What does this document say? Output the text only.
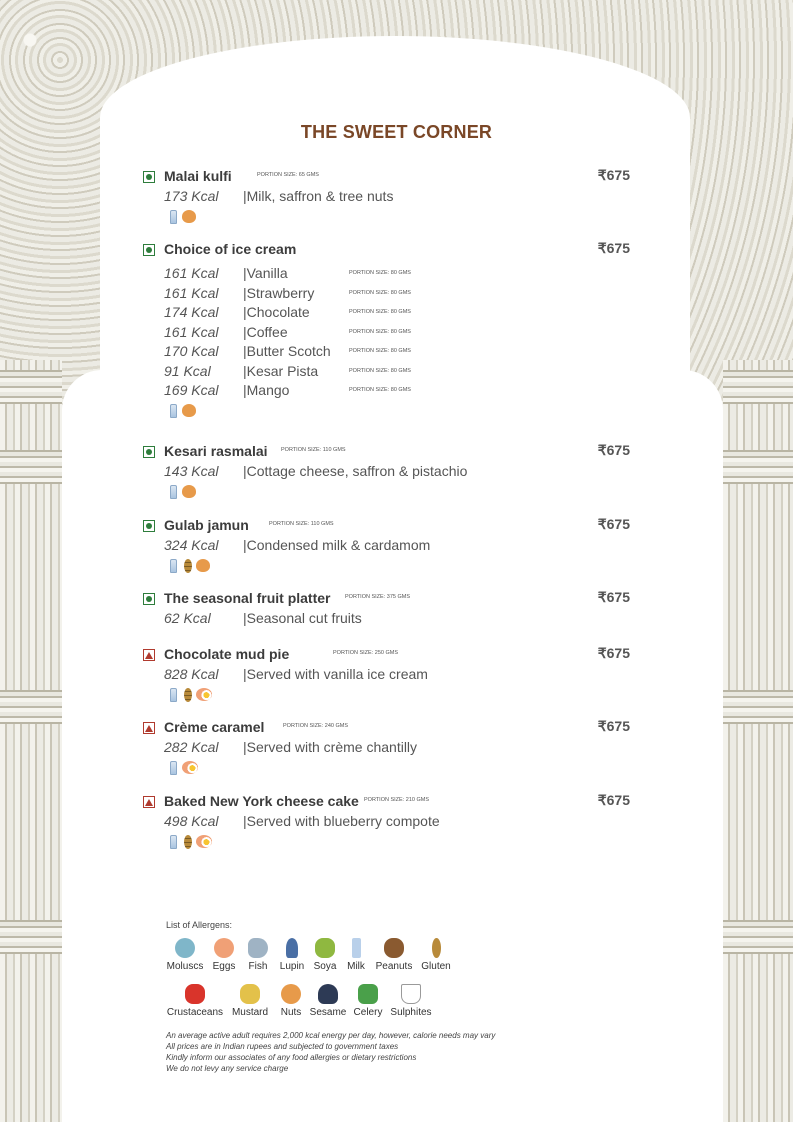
THE SWEET CORNER
Malai kulfi	PORTION SIZE: 65 GMS	₹675
173 Kcal |Milk, saffron & tree nuts
Choice of ice cream	₹675
161 Kcal |Vanilla	PORTION SIZE: 80 GMS
161 Kcal |Strawberry	PORTION SIZE: 80 GMS
174 Kcal |Chocolate	PORTION SIZE: 80 GMS
161 Kcal |Coffee	PORTION SIZE: 80 GMS
170 Kcal |Butter Scotch	PORTION SIZE: 80 GMS
91 Kcal |Kesar Pista	PORTION SIZE: 80 GMS
169 Kcal |Mango	PORTION SIZE: 80 GMS
Kesari rasmalai PORTION SIZE: 110 GMS	₹675
143 Kcal |Cottage cheese, saffron & pistachio
Gulab jamun	PORTION SIZE: 110 GMS	₹675
324 Kcal |Condensed milk & cardamom
The seasonal fruit platter	PORTION SIZE: 375 GMS	₹675
62 Kcal |Seasonal cut fruits
Chocolate mud pie	PORTION SIZE: 250 GMS	₹675
828 Kcal |Served with vanilla ice cream
Crème caramel	PORTION SIZE: 240 GMS	₹675
282 Kcal |Served with crème chantilly
Baked New York cheese cake PORTION SIZE: 210 GMS	₹675
498 Kcal |Served with blueberry compote
List of Allergens:
Moluscs Eggs	Fish	Lupin Soya	Milk	Peanuts Gluten
Crustaceans Mustard	Nuts Sesame Celery Sulphites
An average active adult requires 2,000 kcal energy per day, however, calorie needs may vary
All prices are in Indian rupees and subjected to government taxes
Kindly inform our associates of any food allergies or dietary restrictions
We do not levy any service charge
